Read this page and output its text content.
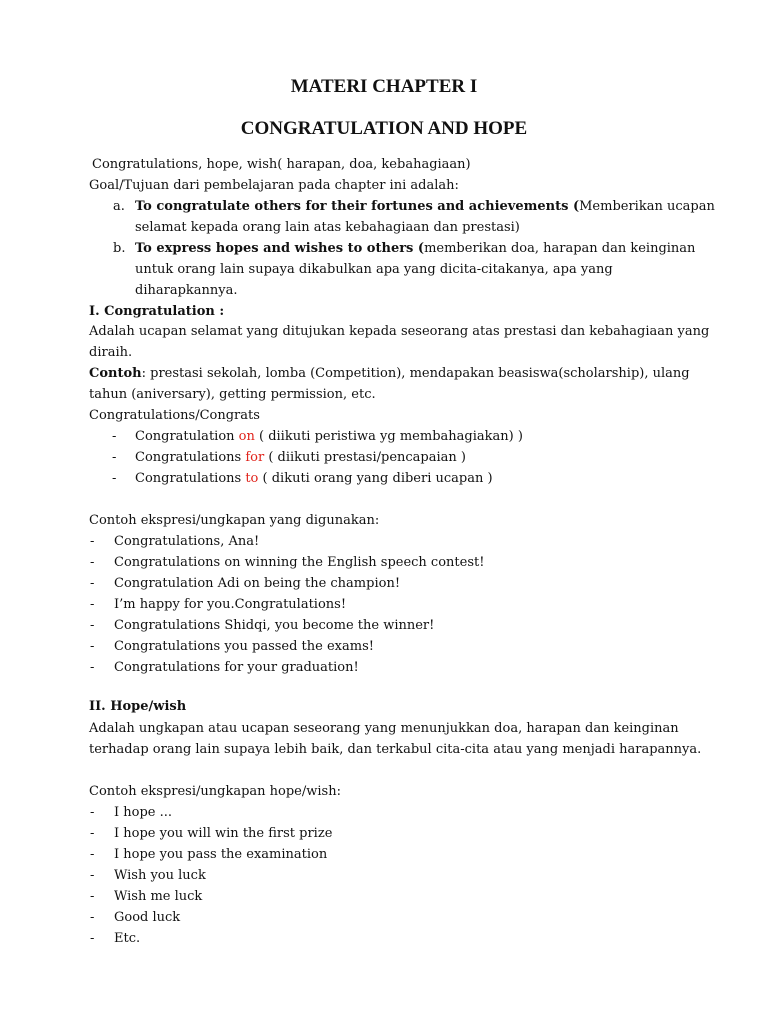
MATERI CHAPTER I
CONGRATULATION AND HOPE
Congratulations, hope, wish( harapan, doa, kebahagiaan)
Goal/Tujuan dari pembelajaran pada chapter ini adalah:
a. To congratulate others for their fortunes and achievements (Memberikan ucapan
selamat kepada orang lain atas kebahagiaan dan prestasi)
b. To express hopes and wishes to others (memberikan doa, harapan dan keinginan
untuk orang lain supaya dikabulkan apa yang dicita-citakanya, apa yang
diharapkannya.
I. Congratulation :
Adalah ucapan selamat yang ditujukan kepada seseorang atas prestasi dan kebahagiaan yang
diraih.
Contoh: prestasi sekolah, lomba (Competition), mendapakan beasiswa(scholarship), ulang
tahun (aniversary), getting permission, etc.
Congratulations/Congrats
- Congratulation on ( diikuti peristiwa yg membahagiakan) )
- Congratulations for ( diikuti prestasi/pencapaian )
- Congratulations to ( dikuti orang yang diberi ucapan )
Contoh ekspresi/ungkapan yang digunakan:
- Congratulations, Ana!
- Congratulations on winning the English speech contest!
- Congratulation Adi on being the champion!
- I’m happy for you.Congratulations!
- Congratulations Shidqi, you become the winner!
- Congratulations you passed the exams!
- Congratulations for your graduation!
II. Hope/wish
Adalah ungkapan atau ucapan seseorang yang menunjukkan doa, harapan dan keinginan
terhadap orang lain supaya lebih baik, dan terkabul cita-cita atau yang menjadi harapannya.
Contoh ekspresi/ungkapan hope/wish:
- I hope ...
- I hope you will win the first prize
- I hope you pass the examination
- Wish you luck
- Wish me luck
- Good luck
- Etc.
